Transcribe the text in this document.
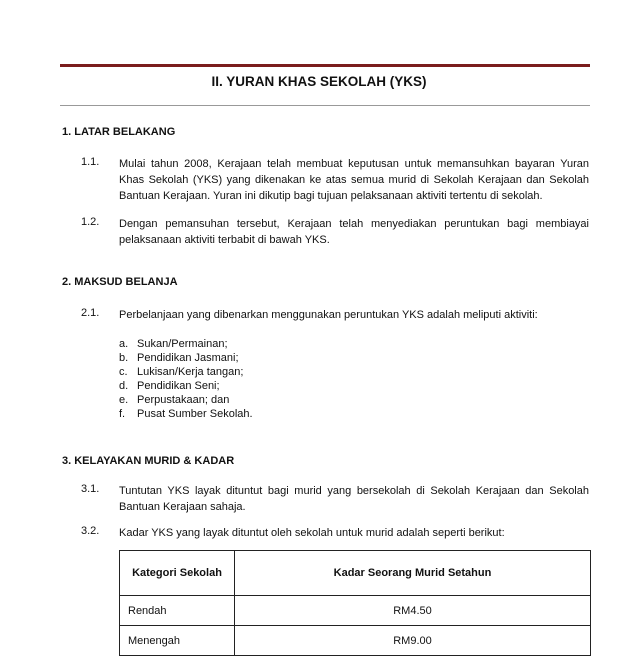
II. YURAN KHAS SEKOLAH (YKS)
1. LATAR BELAKANG
1.1. Mulai tahun 2008, Kerajaan telah membuat keputusan untuk memansuhkan bayaran Yuran Khas Sekolah (YKS) yang dikenakan ke atas semua murid di Sekolah Kerajaan dan Sekolah Bantuan Kerajaan. Yuran ini dikutip bagi tujuan pelaksanaan aktiviti tertentu di sekolah.

1.2. Dengan pemansuhan tersebut, Kerajaan telah menyediakan peruntukan bagi membiayai pelaksanaan aktiviti terbabit di bawah YKS.

2. MAKSUD BELANJA
2.1. Perbelanjaan yang dibenarkan menggunakan peruntukan YKS adalah meliputi aktiviti:

a. Sukan/Permainan;
b. Pendidikan Jasmani;
c. Lukisan/Kerja tangan;
d. Pendidikan Seni;
e. Perpustakaan; dan
f.	Pusat Sumber Sekolah.
3. KELAYAKAN MURID & KADAR
3.1. Tuntutan YKS layak dituntut bagi murid yang bersekolah di Sekolah Kerajaan dan Sekolah Bantuan Kerajaan sahaja.

3.2. Kadar YKS yang layak dituntut oleh sekolah untuk murid adalah seperti berikut:

Kategori Sekolah	Kadar Seorang Murid Setahun
Rendah	RM4.50
Menengah	RM9.00
